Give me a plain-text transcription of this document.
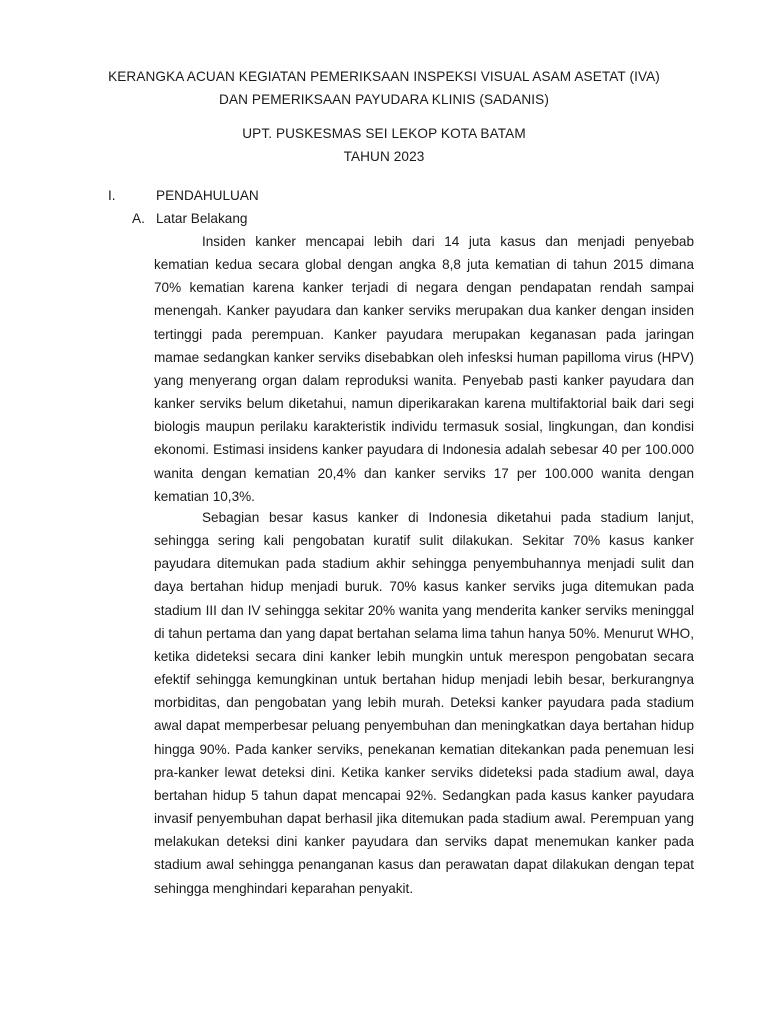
KERANGKA ACUAN KEGIATAN PEMERIKSAAN INSPEKSI VISUAL ASAM ASETAT (IVA)
DAN PEMERIKSAAN PAYUDARA KLINIS (SADANIS)
UPT. PUSKESMAS SEI LEKOP KOTA BATAM
TAHUN 2023
I.	PENDAHULUAN
A. Latar Belakang

Insiden kanker mencapai lebih dari 14 juta kasus dan menjadi penyebab kematian kedua secara global dengan angka 8,8 juta kematian di tahun 2015 dimana 70% kematian karena kanker terjadi di negara dengan pendapatan rendah sampai menengah. Kanker payudara dan kanker serviks merupakan dua kanker dengan insiden tertinggi pada perempuan. Kanker payudara merupakan keganasan pada jaringan mamae sedangkan kanker serviks disebabkan oleh infesksi human papilloma virus (HPV) yang menyerang organ dalam reproduksi wanita. Penyebab pasti kanker payudara dan kanker serviks belum diketahui, namun diperikarakan karena multifaktorial baik dari segi biologis maupun perilaku karakteristik individu termasuk sosial, lingkungan, dan kondisi ekonomi. Estimasi insidens kanker payudara di Indonesia adalah sebesar 40 per 100.000 wanita dengan kematian 20,4% dan kanker serviks 17 per 100.000 wanita dengan kematian 10,3%.

Sebagian besar kasus kanker di Indonesia diketahui pada stadium lanjut, sehingga sering kali pengobatan kuratif sulit dilakukan. Sekitar 70% kasus kanker payudara ditemukan pada stadium akhir sehingga penyembuhannya menjadi sulit dan daya bertahan hidup menjadi buruk. 70% kasus kanker serviks juga ditemukan pada stadium III dan IV sehingga sekitar 20% wanita yang menderita kanker serviks meninggal di tahun pertama dan yang dapat bertahan selama lima tahun hanya 50%. Menurut WHO, ketika dideteksi secara dini kanker lebih mungkin untuk merespon pengobatan secara efektif sehingga kemungkinan untuk bertahan hidup menjadi lebih besar, berkurangnya morbiditas, dan pengobatan yang lebih murah. Deteksi kanker payudara pada stadium awal dapat memperbesar peluang penyembuhan dan meningkatkan daya bertahan hidup hingga 90%. Pada kanker serviks, penekanan kematian ditekankan pada penemuan lesi pra-kanker lewat deteksi dini. Ketika kanker serviks dideteksi pada stadium awal, daya bertahan hidup 5 tahun dapat mencapai 92%. Sedangkan pada kasus kanker payudara invasif penyembuhan dapat berhasil jika ditemukan pada stadium awal. Perempuan yang melakukan deteksi dini kanker payudara dan serviks dapat menemukan kanker pada stadium awal sehingga penanganan kasus dan perawatan dapat dilakukan dengan tepat sehingga menghindari keparahan penyakit.
